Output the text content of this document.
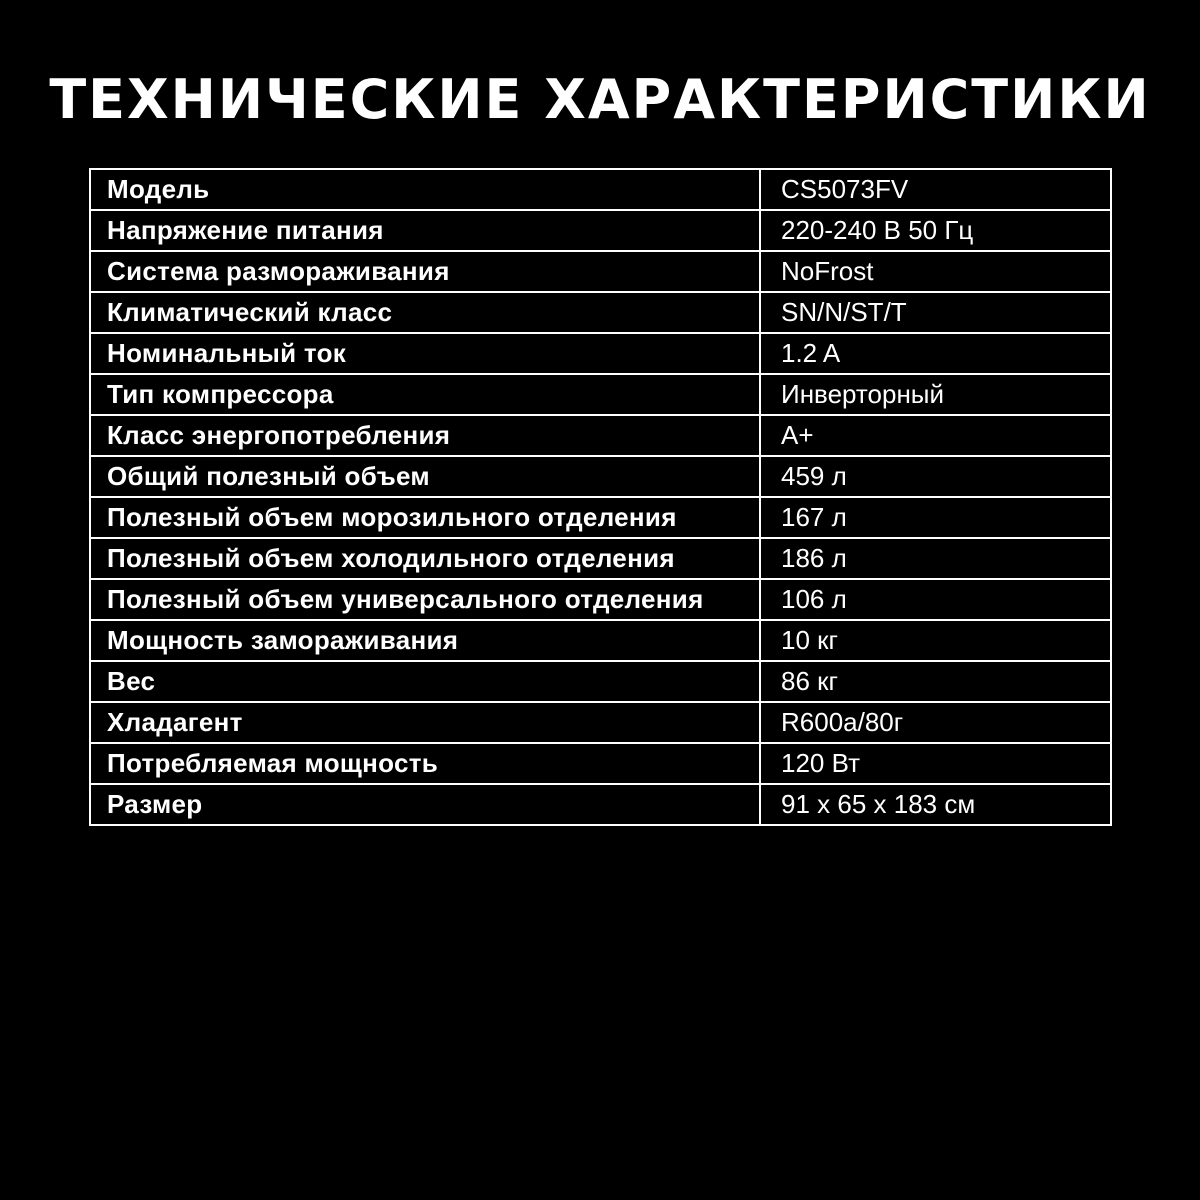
ТЕХНИЧЕСКИЕ ХАРАКТЕРИСТИКИ
Модель	CS5073FV
Напряжение питания	220-240 В 50 Гц
Система размораживания	NoFrost
Климатический класс	SN/N/ST/T
Номинальный ток	1.2 A
Тип компрессора	Инверторный
Класс энергопотребления	A+
Общий полезный объем	459 л
Полезный объем морозильного отделения	167 л
Полезный объем холодильного отделения	186 л
Полезный объем универсального отделения	106 л
Мощность замораживания	10 кг
Вес	86 кг
Хладагент	R600a/80г
Потребляемая мощность	120 Вт
Размер	91 х 65 х 183 см
